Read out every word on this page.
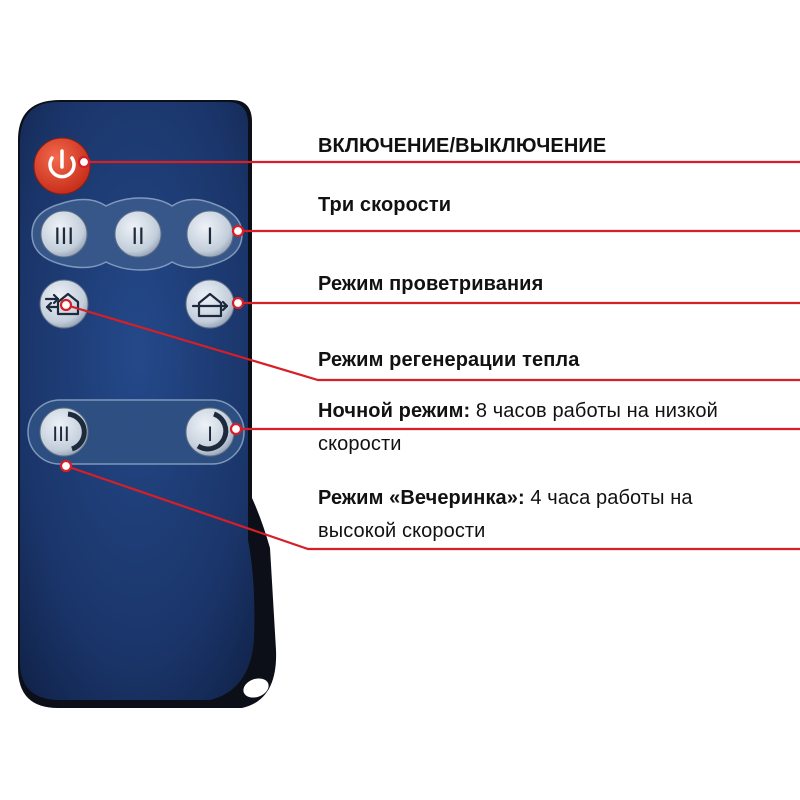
III II	I
III	I
ВКЛЮЧЕНИЕ/ВЫКЛЮЧЕНИЕ
Три скорости
Режим проветривания
Режим регенерации тепла
Ночной режим: 8 часов работы на низкой
скорости
Режим «Вечеринка»: 4 часа работы на
высокой скорости
